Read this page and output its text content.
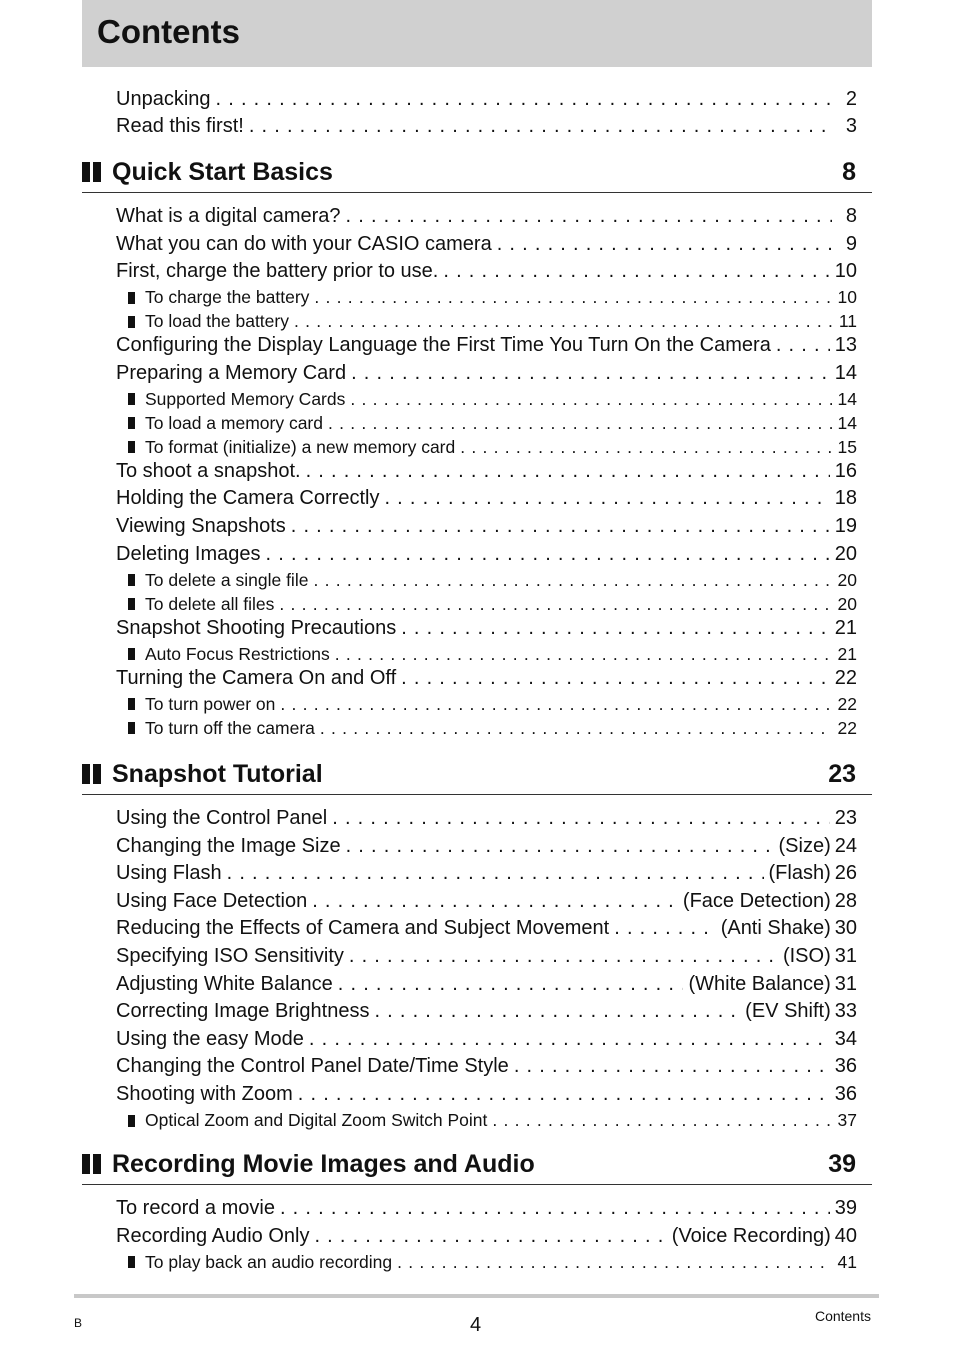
Contents
Unpacking . . .	2
Read this first! . . .	3
Quick Start Basics	8
What is a digital camera? . . .	8
What you can do with your CASIO camera . . .	9
First, charge the battery prior to use. . . .	10
To charge the battery . . .	10
To load the battery . . .	11
Configuring the Display Language the First Time You Turn On the Camera . . .	13
Preparing a Memory Card . . .	14
Supported Memory Cards . . .	14
To load a memory card . . .	14
To format (initialize) a new memory card . . .	15
To shoot a snapshot. . . .	16
Holding the Camera Correctly . . .	18
Viewing Snapshots . . .	19
Deleting Images . . .	20
To delete a single file . . .	20
To delete all files . . .	20
Snapshot Shooting Precautions . . .	21
Auto Focus Restrictions . . .	21
Turning the Camera On and Off . . .	22
To turn power on . . .	22
To turn off the camera . . .	22
Snapshot Tutorial	23
Using the Control Panel . . .	23
Changing the Image Size . . .	(Size) 24
Using Flash . . .	(Flash) 26
Using Face Detection . . .	(Face Detection) 28
Reducing the Effects of Camera and Subject Movement . . .	(Anti Shake) 30
Specifying ISO Sensitivity . . .	(ISO) 31
Adjusting White Balance . . .	(White Balance) 31
Correcting Image Brightness . . .	(EV Shift) 33
Using the easy Mode . . .	34
Changing the Control Panel Date/Time Style . . .	36
Shooting with Zoom . . .	36
Optical Zoom and Digital Zoom Switch Point . . .	37
Recording Movie Images and Audio	39
To record a movie . . .	39
Recording Audio Only . . .	(Voice Recording) 40
To play back an audio recording . . .	41
B	4	Contents
